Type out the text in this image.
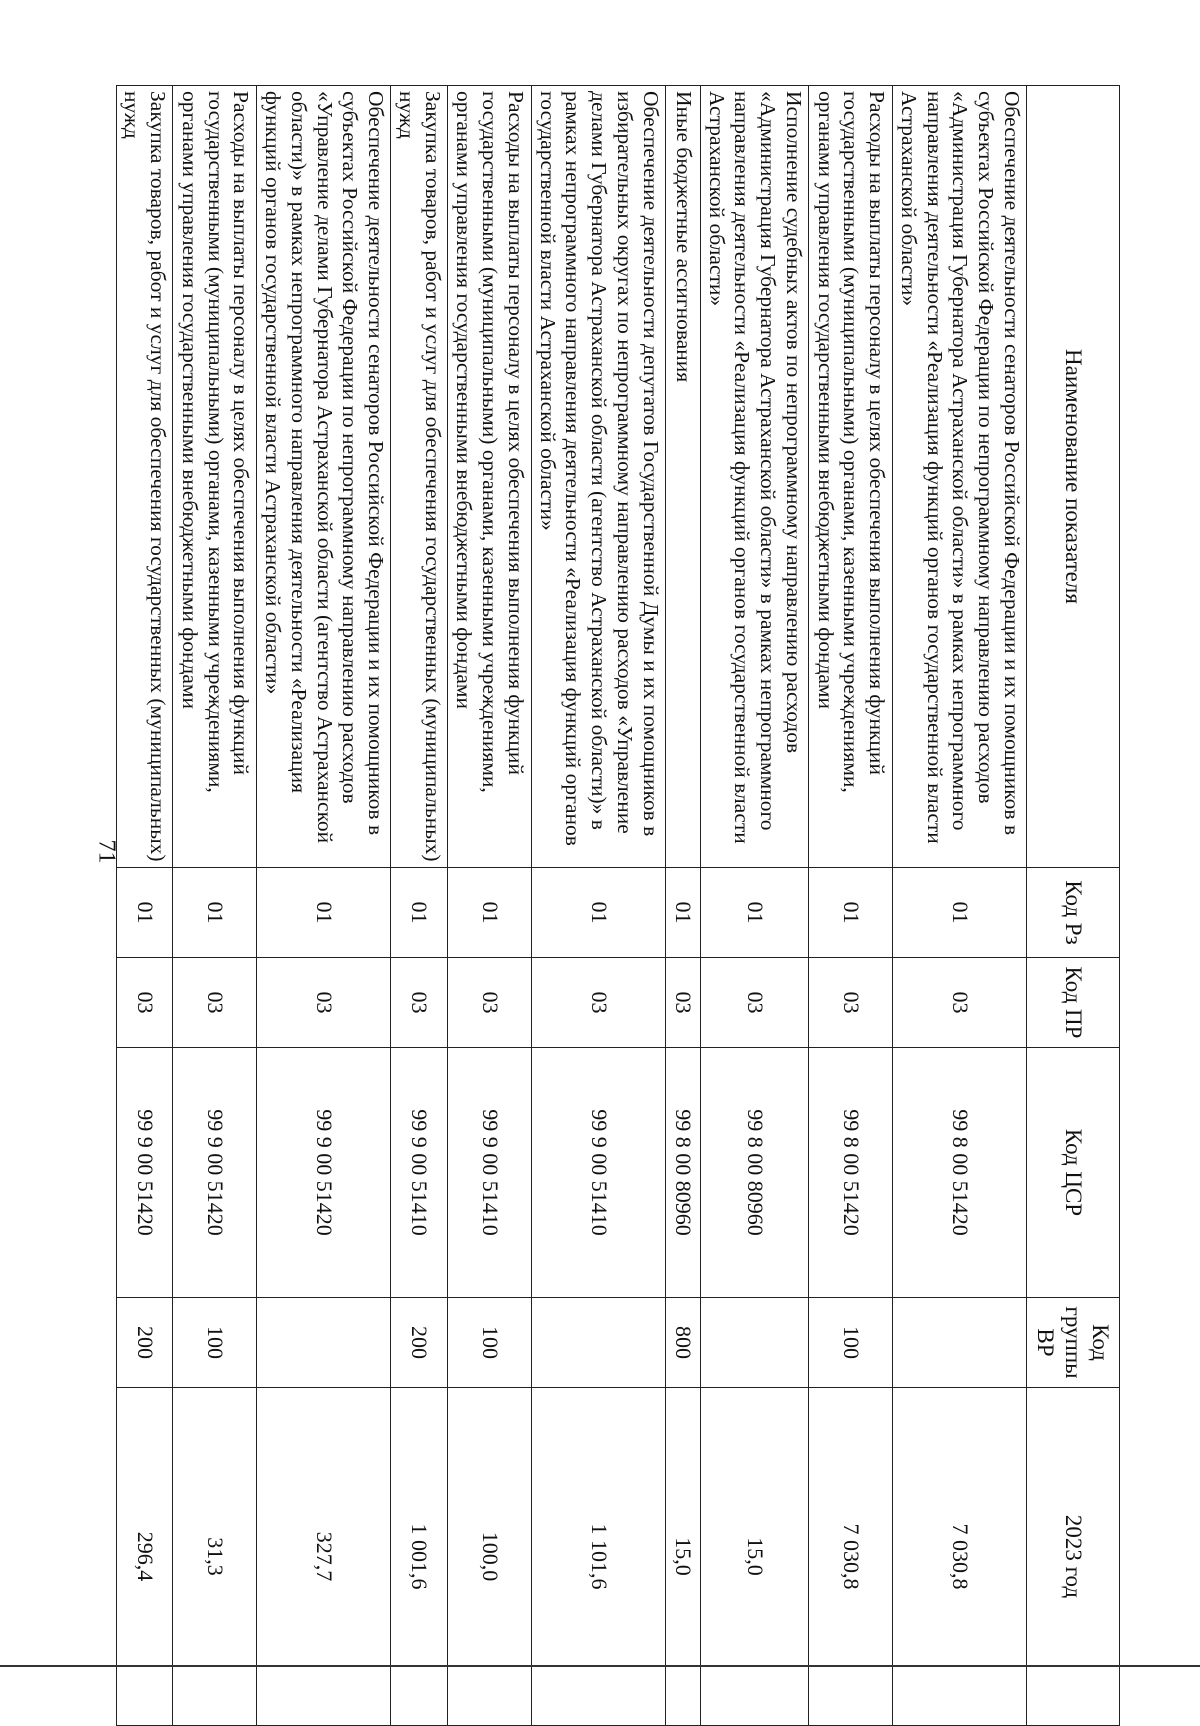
71
Наименование показателя	Код Рз	Код ПР	Код ЦСР	Код группы ВР	2023 год
Обеспечение деятельности сенаторов Российской Федерации и их помощников в субъектах Российской Федерации по непрограммному направлению расходов «Администрация Губернатора Астраханской области» в рамках непрограммного направления деятельности «Реализация функций органов государственной власти Астраханской области»	01	03	99 8 00 51420		7 030,8
Расходы на выплаты персоналу в целях обеспечения выполнения функций государственными (муниципальными) органами, казенными учреждениями, органами управления государственными внебюджетными фондами	01	03	99 8 00 51420	100	7 030,8
Исполнение судебных актов по непрограммному направлению расходов «Администрация Губернатора Астраханской области» в рамках непрограммного направления деятельности «Реализация функций органов государственной власти Астраханской области»	01	03	99 8 00 80960		15,0
Иные бюджетные ассигнования	01	03	99 8 00 80960	800	15,0
Обеспечение деятельности депутатов Государственной Думы и их помощников в избирательных округах по непрограммному направлению расходов «Управление делами Губернатора Астраханской области (агентство Астраханской области)» в рамках непрограммного направления деятельности «Реализация функций органов государственной власти Астраханской области»	01	03	99 9 00 51410		1 101,6
Расходы на выплаты персоналу в целях обеспечения выполнения функций государственными (муниципальными) органами, казенными учреждениями, органами управления государственными внебюджетными фондами	01	03	99 9 00 51410	100	100,0
Закупка товаров, работ и услуг для обеспечения государственных (муниципальных) нужд	01	03	99 9 00 51410	200	1 001,6
Обеспечение деятельности сенаторов Российской Федерации и их помощников в субъектах Российской Федерации по непрограммному направлению расходов «Управление делами Губернатора Астраханской области (агентство Астраханской области)» в рамках непрограммного направления деятельности «Реализация функций органов государственной власти Астраханской области»	01	03	99 9 00 51420		327,7
Расходы на выплаты персоналу в целях обеспечения выполнения функций государственными (муниципальными) органами, казенными учреждениями, органами управления государственными внебюджетными фондами	01	03	99 9 00 51420	100	31,3
Закупка товаров, работ и услуг для обеспечения государственных (муниципальных) нужд	01	03	99 9 00 51420	200	296,4
